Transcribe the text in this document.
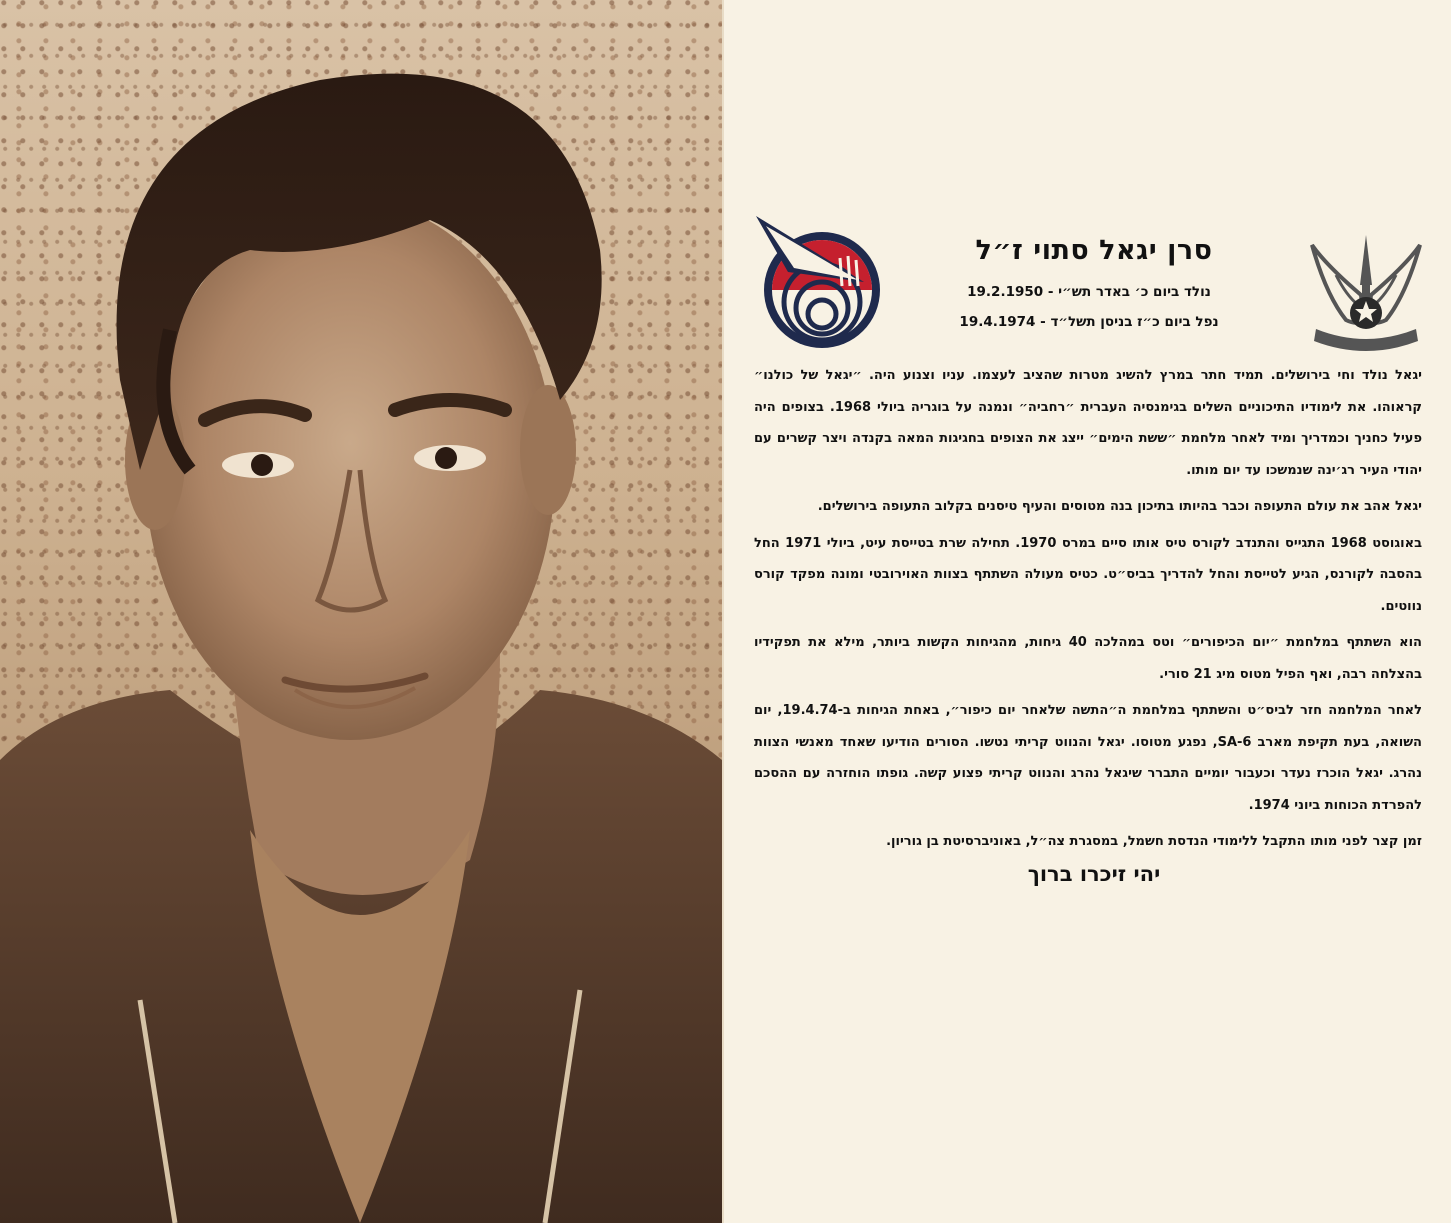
סרן יגאל סתוי ז״ל
נולד ביום כ׳ באדר תש״י - 19.2.1950
נפל ביום כ״ז בניסן תשל״ד - 19.4.1974

יגאל נולד וחי בירושלים. תמיד חתר במרץ להשיג מטרות שהציב לעצמו. עניו וצנוע היה. ״יגאל של כולנו״ קראוהו. את לימודיו התיכוניים השלים בגימנסיה העברית ״רחביה״ ונמנה על בוגריה ביולי 1968. בצופים היה פעיל כחניך וכמדריך ומיד לאחר מלחמת ״ששת הימים״ ייצג את הצופים בחגיגות המאה בקנדה ויצר קשרים עם יהודי העיר רג׳ינה שנמשכו עד יום מותו.

יגאל אהב את עולם התעופה וכבר בהיותו בתיכון בנה מטוסים והעיף טיסנים בקלוב התעופה בירושלים.

באוגוסט 1968 התגייס והתנדב לקורס טיס אותו סיים במרס 1970. תחילה שרת בטייסת עיט, ביולי 1971 החל בהסבה לקורנס, הגיע לטייסת והחל להדריך בביס״ט. כטיס מעולה השתתף בצוות האוירובטי ומונה מפקד קורס נווטים.

הוא השתתף במלחמת ״יום הכיפורים״ וטס במהלכה 40 גיחות, מהגיחות הקשות ביותר, מילא את תפקידיו בהצלחה רבה, ואף הפיל מטוס מיג 21 סורי.

לאחר המלחמה חזר לביס״ט והשתתף במלחמת ה״התשה שלאחר יום כיפור״, באחת הגיחות ב-19.4.74, יום השואה, בעת תקיפת מארב SA-6, נפגע מטוסו. יגאל והנווט קריתי נטשו. הסורים הודיעו שאחד מאנשי הצוות נהרג. יגאל הוכרז נעדר וכעבור יומיים התברר שיגאל נהרג והנווט קריתי פצוע קשה. גופתו הוחזרה עם ההסכם להפרדת הכוחות ביוני 1974.

זמן קצר לפני מותו התקבל ללימודי הנדסת חשמל, במסגרת צה״ל, באוניברסיטת בן גוריון.

יהי זיכרו ברוך
